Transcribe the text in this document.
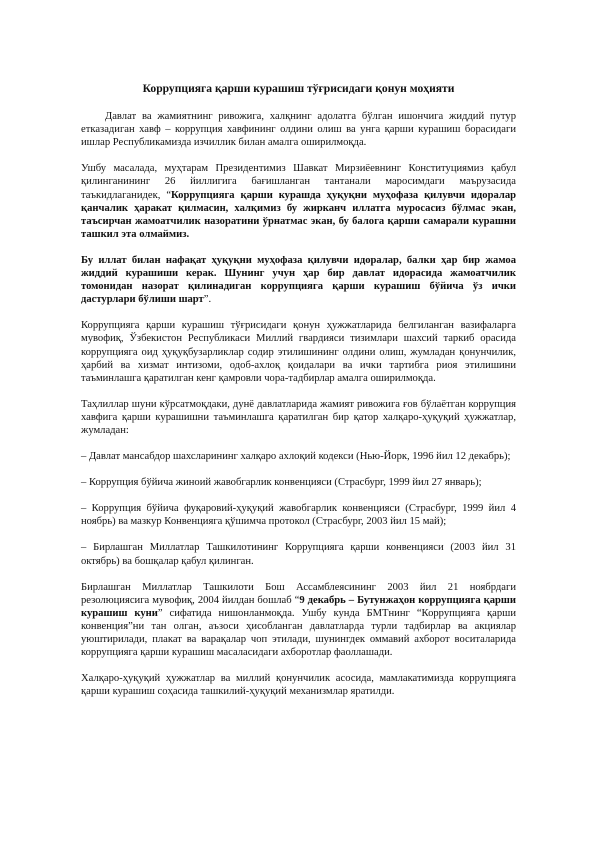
Коррупцияга қарши курашиш тўғрисидаги қонун моҳияти

Давлат ва жамиятнинг ривожига, халқнинг адолатга бўлган ишончига жиддий путур етказадиган хавф – коррупция хавфининг олдини олиш ва унга қарши курашиш борасидаги ишлар Республикамизда изчиллик билан амалга оширилмоқда.

Ушбу масалада, муҳтарам Президентимиз Шавкат Мирзиёевнинг Конституциямиз қабул қилинганининг 26 йиллигига бағишланган тантанали маросимдаги маърузасида таъкидлаганидек, “Коррупцияга қарши курашда ҳуқуқни муҳофаза қилувчи идоралар қанчалик ҳаракат қилмасин, халқимиз бу жирканч иллатга муросасиз бўлмас экан, таъсирчан жамоатчилик назоратини ўрнатмас экан, бу балога қарши самарали курашни ташкил эта олмаймиз.

Бу иллат билан нафақат ҳуқуқни муҳофаза қилувчи идоралар, балки ҳар бир жамоа жиддий курашиши керак. Шунинг учун ҳар бир давлат идорасида жамоатчилик томонидан назорат қилинадиган коррупцияга қарши курашиш бўйича ўз ички дастурлари бўлиши шарт”.

Коррупцияга қарши курашиш тўғрисидаги қонун ҳужжатларида белгиланган вазифаларга мувофиқ, Ўзбекистон Республикаси Миллий гвардияси тизимлари шахсий таркиб орасида коррупцияга оид ҳуқуқбузарликлар содир этилишининг олдини олиш, жумладан қонунчилик, ҳарбий ва хизмат интизоми, одоб-ахлоқ қоидалари ва ички тартибга риоя этилишини таъминлашга қаратилган кенг қамровли чора-тадбирлар амалга оширилмоқда.

Таҳлиллар шуни кўрсатмоқдаки, дунё давлатларида жамият ривожига ғов бўлаётган коррупция хавфига қарши курашишни таъминлашга қаратилган бир қатор халқаро-ҳуқуқий ҳужжатлар, жумладан:

– Давлат мансабдор шахсларининг халқаро ахлоқий кодекси (Нью-Йорк, 1996 йил 12 декабрь);

– Коррупция бўйича жиноий жавобгарлик конвенцияси (Страсбург, 1999 йил 27 январь);

– Коррупция бўйича фуқаровий-ҳуқуқий жавобгарлик конвенцияси (Страсбург, 1999 йил 4 ноябрь) ва мазкур Конвенцияга қўшимча протокол (Страсбург, 2003 йил 15 май);

– Бирлашган Миллатлар Ташкилотининг Коррупцияга қарши конвенцияси (2003 йил 31 октябрь) ва бошқалар қабул қилинган.

Бирлашган Миллатлар Ташкилоти Бош Ассамблеясининг 2003 йил 21 ноябрдаги резолюциясига мувофиқ, 2004 йилдан бошлаб “9 декабрь – Бутунжаҳон коррупцияга қарши курашиш куни” сифатида нишонланмоқда. Ушбу кунда БМТнинг “Коррупцияга қарши конвенция”ни тан олган, аъзоси ҳисобланган давлатларда турли тадбирлар ва акциялар уюштирилади, плакат ва варақалар чоп этилади, шунингдек оммавий ахборот воситаларида коррупцияга қарши курашиш масаласидаги ахборотлар фаоллашади.

Халқаро-ҳуқуқий ҳужжатлар ва миллий қонунчилик асосида, мамлакатимизда коррупцияга қарши курашиш соҳасида ташкилий-ҳуқуқий механизмлар яратилди.
